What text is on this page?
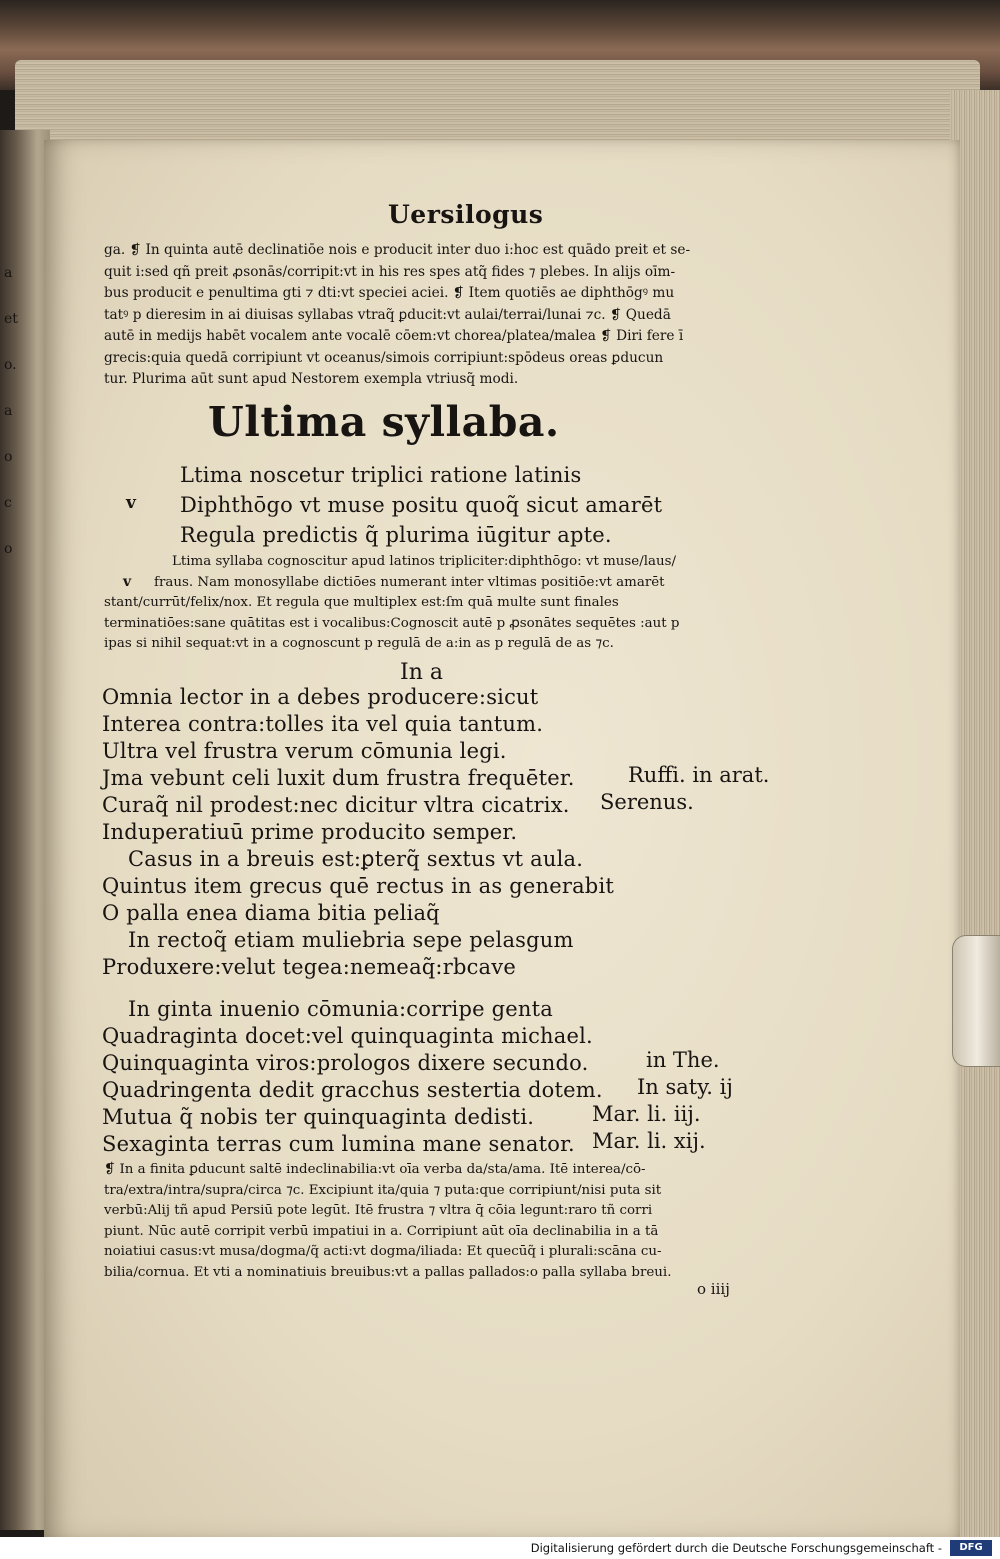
a
et
o.
a
o
c
o
Uersilogus

ga. ❡ In quinta autē declinatiōe nois e producit inter duo i:hoc est quādo preit et se-
quit i:sed qñ preit ꝓsonās/corripit:vt in his res spes atq̃ fides ⁊ plebes. In alijs oīm-
bus producit e penultima gti ⁊ dti:vt speciei aciei. ❡ Item quotiēs ae diphthōgꝰ mu
tatꝰ p dieresim in ai diuisas syllabas vtraq̃ ꝑducit:vt aulai/terrai/lunai ⁊c. ❡ Quedā
autē in medijs habēt vocalem ante vocalē cōem:vt chorea/platea/malea ❡ Diri fere ī
grecis:quia quedā corripiunt vt oceanus/simois corripiunt:spōdeus oreas ꝑducun
tur. Plurima aūt sunt apud Nestorem exempla vtriusq̃ modi.

Ultima syllaba.
Ltima noscetur triplici ratione latinis
Diphthōgo vt muse positu quoq̃ sicut amarēt
Regula predictis q̃ plurima iūgitur apte.
v

Ltima syllaba cognoscitur apud latinos tripliciter:diphthōgo: vt muse/laus/
fraus. Nam monosyllabe dictiōes numerant inter vltimas positiōe:vt amarēt
stant/currūt/felix/nox. Et regula que multiplex est:ſm quā multe sunt finales
terminatiōes:sane quātitas est i vocalibus:Cognoscit autē p ꝓsonātes sequētes :aut p
ipas si nihil sequat:vt in a cognoscunt p regulā de a:in as p regulā de as ⁊c.

v
In a
Omnia lector in a debes producere:sicut
Interea contra:tolles ita vel quia tantum.
Ultra vel frustra verum cōmunia legi.
Jma vebunt celi luxit dum frustra frequēter.
Curaq̃ nil prodest:nec dicitur vltra cicatrix.
Induperatiuū prime producito semper.
Casus in a breuis est:ꝑterq̃ sextus vt aula.
Quintus item grecus quē rectus in as generabit
O palla enea diama bitia peliaq̃
In rectoq̃ etiam muliebria sepe pelasgum
Produxere:velut tegea:nemeaq̃:rbcave
Ruffi. in arat.
Serenus.
In ginta inuenio cōmunia:corripe genta
Quadraginta docet:vel quinquaginta michael.
Quinquaginta viros:prologos dixere secundo.
Quadringenta dedit gracchus sestertia dotem.
Mutua q̃ nobis ter quinquaginta dedisti.
Sexaginta terras cum lumina mane senator.
in The.
In saty. ij
Mar. li. iij.
Mar. li. xij.

❡ In a finita ꝑducunt saltē indeclinabilia:vt oīa verba da/sta/ama. Itē interea/cō-
tra/extra/intra/supra/circa ⁊c. Excipiunt ita/quia ⁊ puta:que corripiunt/nisi puta sit
verbū:Alij tñ apud Persiū pote legūt. Itē frustra ⁊ vltra q̄ cōia legunt:raro tñ corri
piunt. Nūc autē corripit verbū impatiui in a. Corripiunt aūt oīa declinabilia in a tā
noiatiui casus:vt musa/dogma/q̃ acti:vt dogma/iliada: Et quecūq̃ i plurali:scāna cu-
bilia/cornua. Et vti a nominatiuis breuibus:vt a pallas pallados:o palla syllaba breui.

o iiij
Digitalisierung gefördert durch die Deutsche Forschungsgemeinschaft -	DFG
